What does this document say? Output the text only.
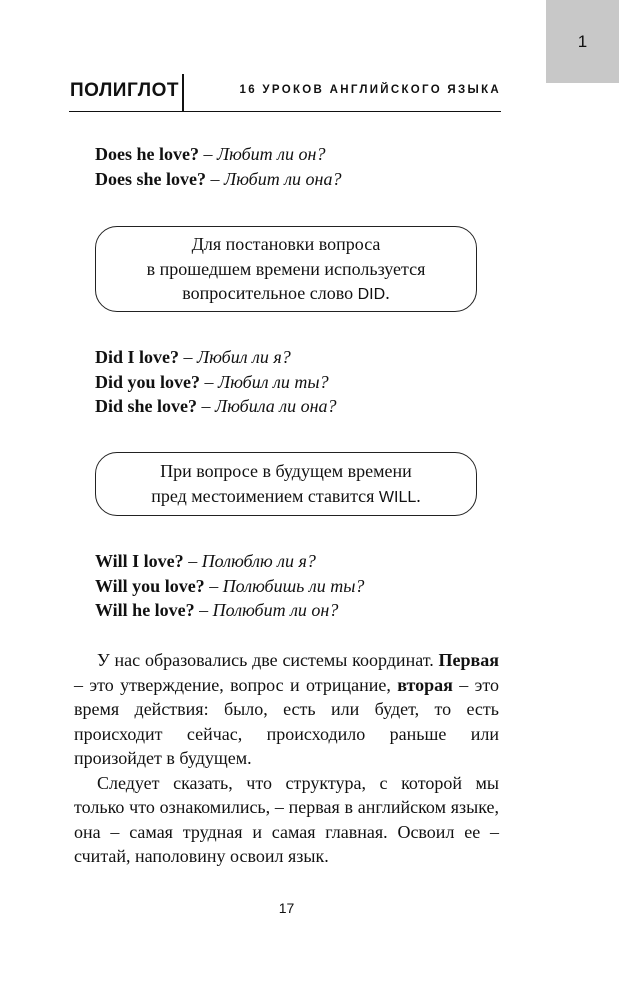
1
ПОЛИГЛОТ	16 УРОКОВ АНГЛИЙСКОГО ЯЗЫКА
Does he love? – Любит ли он?
Does she love? – Любит ли она?
Для постановки вопроса
в прошедшем времени используется
вопросительное слово DID.
Did I love? – Любил ли я?
Did you love? – Любил ли ты?
Did she love? – Любила ли она?
При вопросе в будущем времени
пред местоимением ставится WILL.
Will I love? – Полюблю ли я?
Will you love? – Полюбишь ли ты?
Will he love? – Полюбит ли он?

У нас образовались две системы координат. Первая – это утверждение, вопрос и отрицание, вторая – это время действия: было, есть или будет, то есть происходит сейчас, происходило раньше или произойдет в будущем.

Следует сказать, что структура, с которой мы только что ознакомились, – первая в английском языке, она – самая трудная и самая главная. Освоил ее – считай, наполовину освоил язык.

17
